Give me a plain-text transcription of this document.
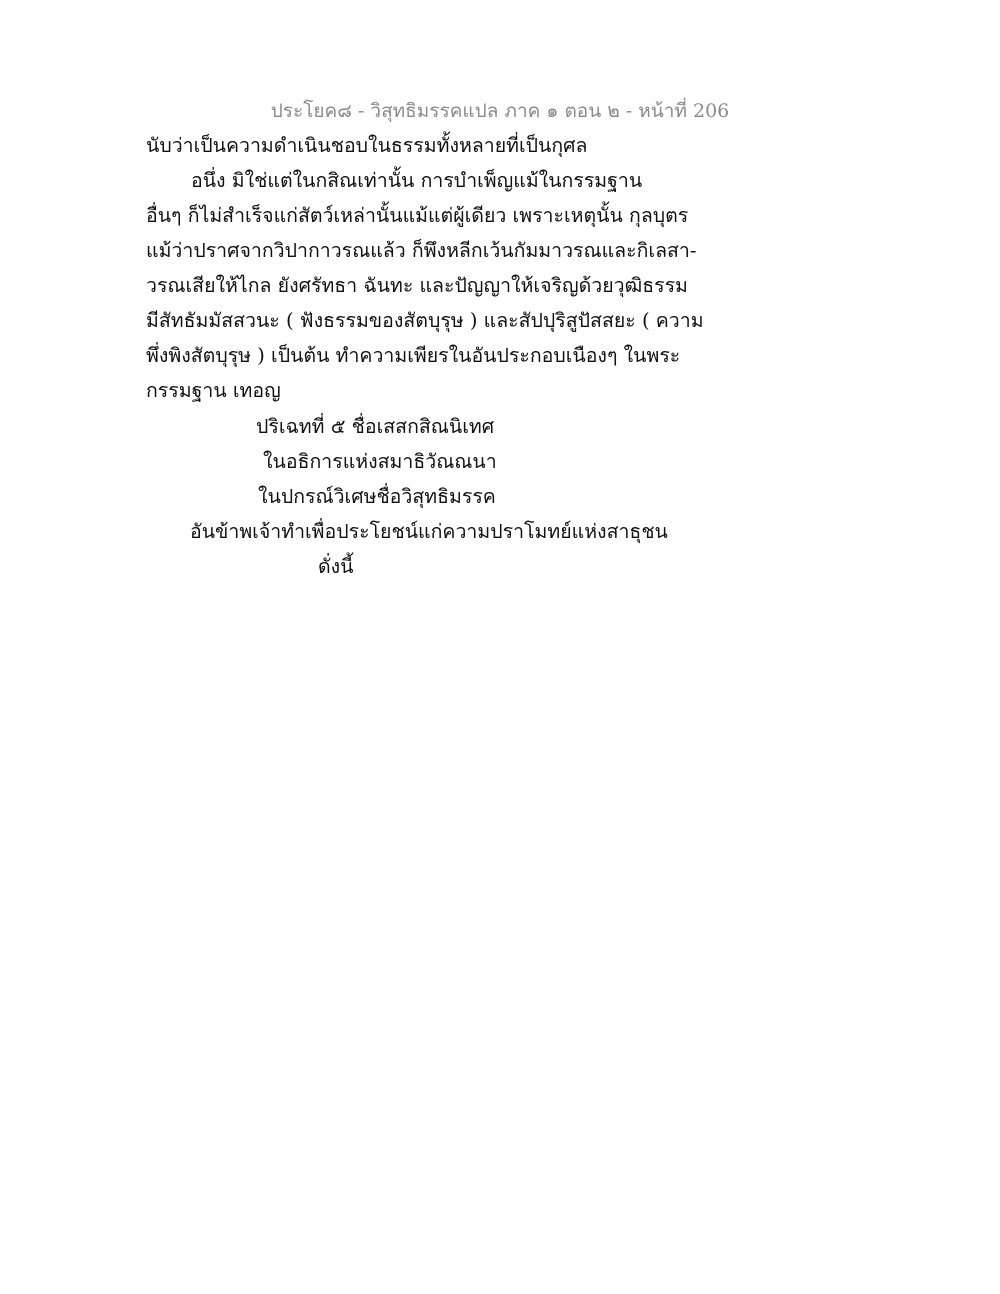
ประโยค๘ - วิสุทธิมรรคแปล ภาค ๑ ตอน ๒ - หน้าที่ 206
นับว่าเป็นความดำเนินชอบในธรรมทั้งหลายที่เป็นกุศล
อนึ่ง มิใช่แต่ในกสิณเท่านั้น การบำเพ็ญแม้ในกรรมฐาน
อื่นๆ ก็ไม่สำเร็จแก่สัตว์เหล่านั้นแม้แต่ผู้เดียว เพราะเหตุนั้น กุลบุตร
แม้ว่าปราศจากวิปากาวรณแล้ว ก็พึงหลีกเว้นกัมมาวรณและกิเลสา-
วรณเสียให้ไกล ยังศรัทธา ฉันทะ และปัญญาให้เจริญด้วยวุฒิธรรม
มีสัทธัมมัสสวนะ ( ฟังธรรมของสัตบุรุษ ) และสัปปุริสูปัสสยะ ( ความ
พึ่งพิงสัตบุรุษ ) เป็นต้น ทำความเพียรในอันประกอบเนืองๆ ในพระ
กรรมฐาน เทอญ
ปริเฉทที่ ๕ ชื่อเสสกสิณนิเทศ
ในอธิการแห่งสมาธิวัณณนา
ในปกรณ์วิเศษชื่อวิสุทธิมรรค
อันข้าพเจ้าทำเพื่อประโยชน์แก่ความปราโมทย์แห่งสาธุชน
ดั่งนี้
